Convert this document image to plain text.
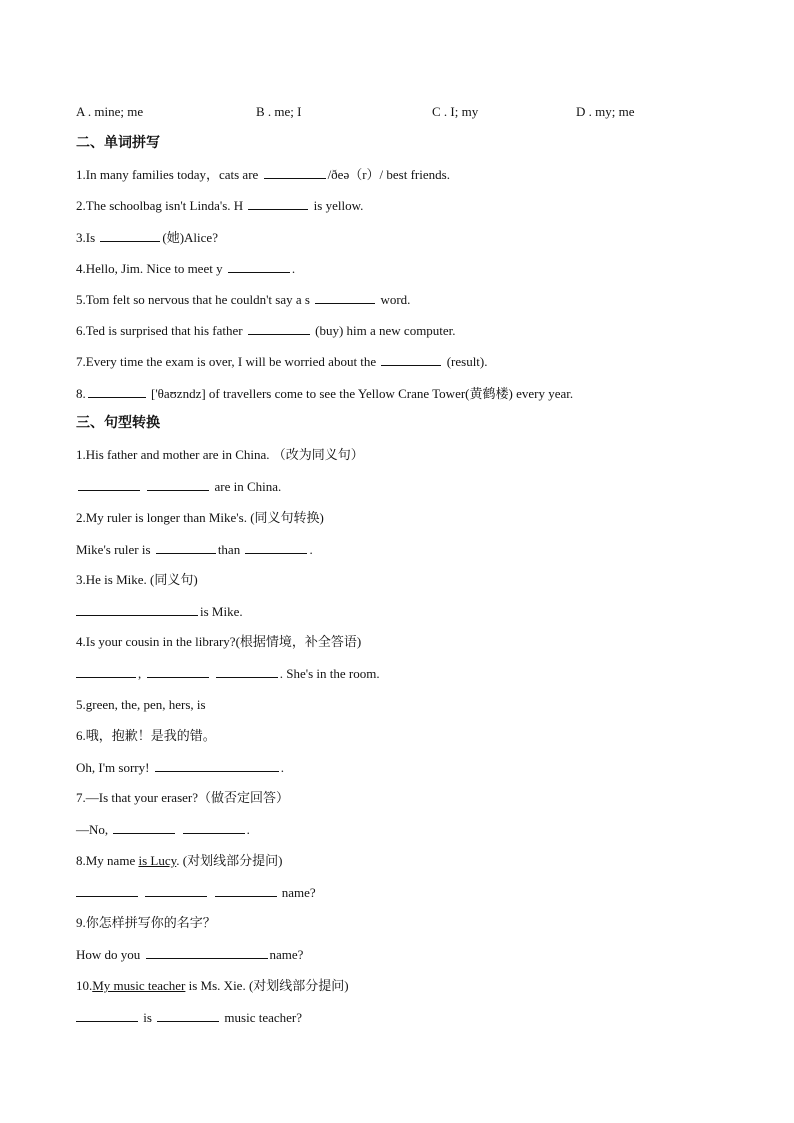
A . mine; me	B . me; I	C . I; my	D . my; me
二、单词拼写
1.In many families today，cats are	/ðeə（r）/ best friends.
2.The schoolbag isn't Linda's. H	is yellow.
3.Is	(她)Alice?
4.Hello, Jim. Nice to meet y	.
5.Tom felt so nervous that he couldn't say a s	word.
6.Ted is surprised that his father	(buy) him a new computer.
7.Every time the exam is over, I will be worried about the	(result).
8.	['θaʊzndz] of travellers come to see the Yellow Crane Tower(黄鹤楼) every year.
三、句型转换
1.His father and mother are in China. （改为同义句）
are in China.
2.My ruler is longer than Mike's. (同义句转换)
Mike's ruler is	than	.
3.He is Mike. (同义句)
is Mike.
4.Is your cousin in the library?(根据情境，补全答语)
,	. She's in the room.
5.green, the, pen, hers, is
6.哦，抱歉！是我的错。
Oh, I'm sorry!	.
7.—Is that your eraser?（做否定回答）
—No,	.
8.My name is Lucy. (对划线部分提问)
name?
9.你怎样拼写你的名字？
How do you	name?
10.My music teacher is Ms. Xie. (对划线部分提问)
is	music teacher?
